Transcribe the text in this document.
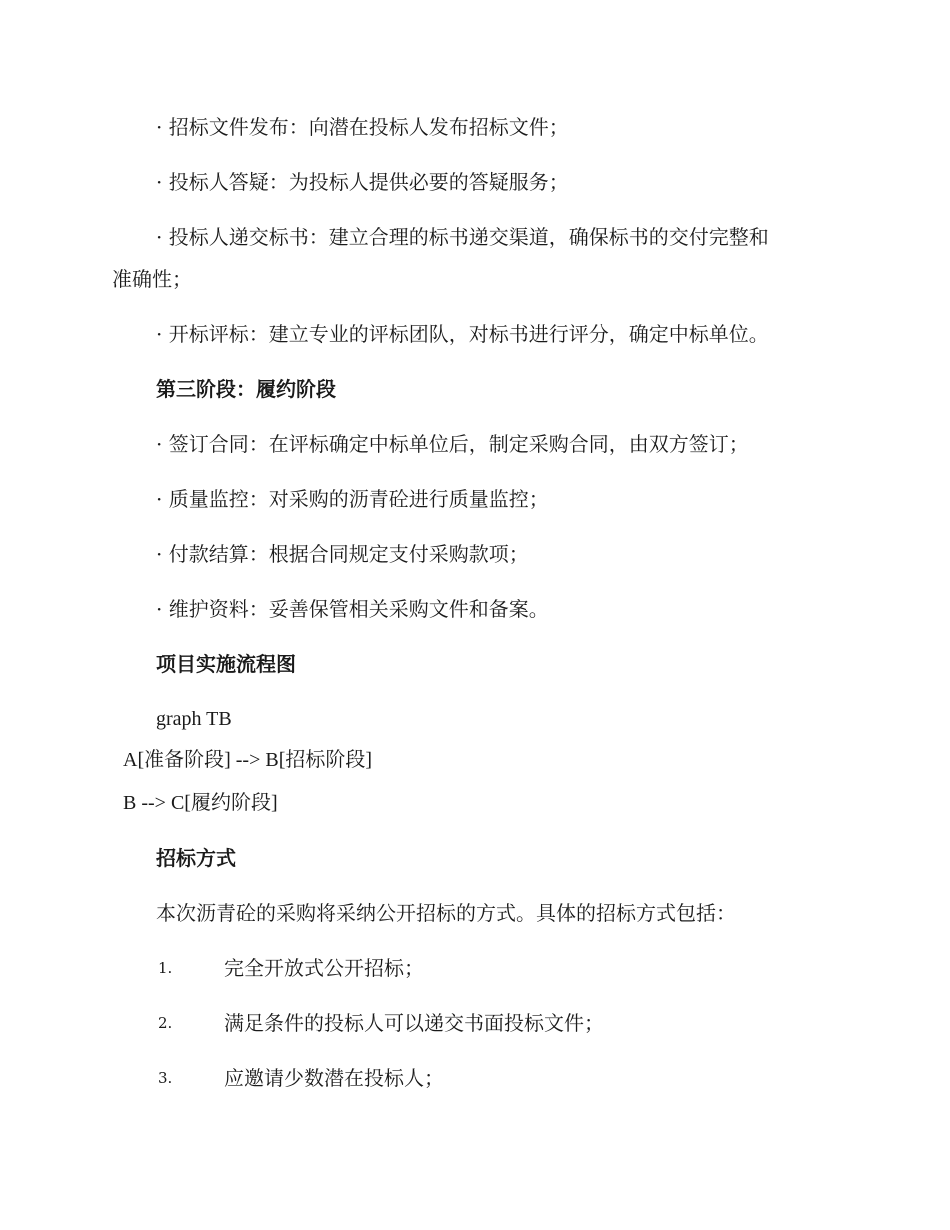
· 招标文件发布：向潜在投标人发布招标文件；
· 投标人答疑：为投标人提供必要的答疑服务；
· 投标人递交标书：建立合理的标书递交渠道，确保标书的交付完整和
准确性；
· 开标评标：建立专业的评标团队，对标书进行评分，确定中标单位。
第三阶段：履约阶段
· 签订合同：在评标确定中标单位后，制定采购合同，由双方签订；
· 质量监控：对采购的沥青砼进行质量监控；
· 付款结算：根据合同规定支付采购款项；
· 维护资料：妥善保管相关采购文件和备案。
项目实施流程图
graph TB
A[准备阶段] --> B[招标阶段]
B --> C[履约阶段]
招标方式
本次沥青砼的采购将采纳公开招标的方式。具体的招标方式包括：
1.	完全开放式公开招标；
2.	满足条件的投标人可以递交书面投标文件；
3.	应邀请少数潜在投标人；
